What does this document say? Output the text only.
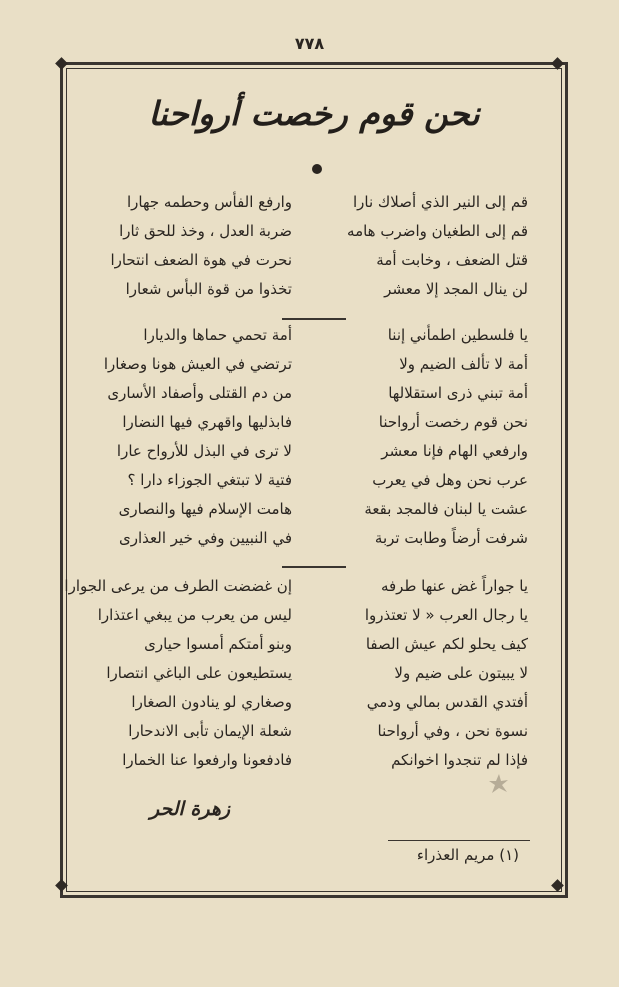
٧٧٨
نحن قوم رخصت أرواحنا
قم إلى النير الذي أصلاك نارا
قم إلى الطغيان واضرب هامه
قتل الضعف ، وخابت أمة
لن ينال المجد إلا معشر
وارفع الفأس وحطمه جهارا
ضربة العدل ، وخذ للحق ثارا
نحرت في هوة الضعف انتحارا
تخذوا من قوة البأس شعارا
يا فلسطين اطمأني إننا
أمة لا تألف الضيم ولا
أمة تبني ذرى استقلالها
نحن قوم رخصت أرواحنا
وارفعي الهام فإنا معشر
عرب نحن وهل في يعرب
عشت يا لبنان فالمجد بقعة
شرفت أرضاً وطابت تربة
أمة تحمي حماها والديارا
ترتضي في العيش هونا وصغارا
من دم القتلى وأصفاد الأسارى
فابذليها واقهري فيها النضارا
لا ترى في البذل للأرواح عارا
فتية لا تبتغي الجوزاء دارا ؟
هامت الإسلام فيها والنصارى
في النبيين وفي خير العذارى
يا جواراً غض عنها طرفه
يا رجال العرب « لا تعتذروا
كيف يحلو لكم عيش الصفا
لا يبيتون على ضيم ولا
أفتدي القدس بمالي ودمي
نسوة نحن ، وفي أرواحنا
فإذا لم تنجدوا اخوانكم
إن غضضت الطرف من يرعى الجوارا
ليس من يعرب من يبغي اعتذارا
وبنو أمتكم أمسوا حيارى
يستطيعون على الباغي انتصارا
وصغاري لو ينادون الصغارا
شعلة الإيمان تأبى الاندحارا
فادفعونا وارفعوا عنا الخمارا
زهرة الحر
(١) مريم العذراء
